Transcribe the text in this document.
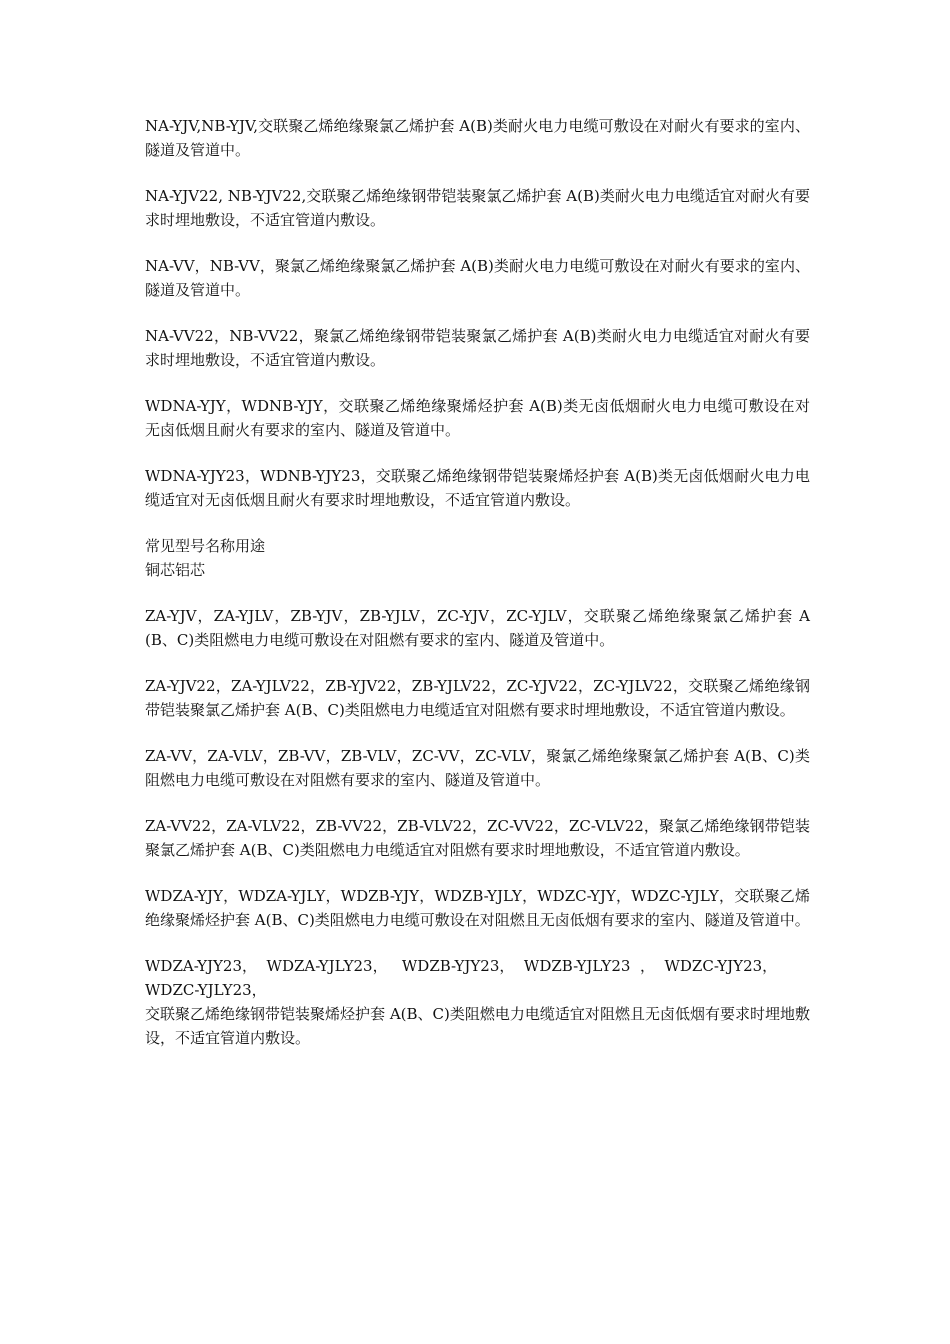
NA-YJV,NB-YJV,交联聚乙烯绝缘聚氯乙烯护套 A(B)类耐火电力电缆可敷设在对耐火有要求的室内、隧道及管道中。

NA-YJV22, NB-YJV22,交联聚乙烯绝缘钢带铠装聚氯乙烯护套 A(B)类耐火电力电缆适宜对耐火有要求时埋地敷设，不适宜管道内敷设。

NA-VV，NB-VV，聚氯乙烯绝缘聚氯乙烯护套 A(B)类耐火电力电缆可敷设在对耐火有要求的室内、隧道及管道中。

NA-VV22，NB-VV22，聚氯乙烯绝缘钢带铠装聚氯乙烯护套 A(B)类耐火电力电缆适宜对耐火有要求时埋地敷设，不适宜管道内敷设。

WDNA-YJY，WDNB-YJY，交联聚乙烯绝缘聚烯烃护套 A(B)类无卤低烟耐火电力电缆可敷设在对无卤低烟且耐火有要求的室内、隧道及管道中。

WDNA-YJY23，WDNB-YJY23，交联聚乙烯绝缘钢带铠装聚烯烃护套 A(B)类无卤低烟耐火电力电缆适宜对无卤低烟且耐火有要求时埋地敷设，不适宜管道内敷设。

常见型号名称用途
铜芯铝芯

ZA-YJV，ZA-YJLV，ZB-YJV，ZB-YJLV，ZC-YJV，ZC-YJLV，交联聚乙烯绝缘聚氯乙烯护套 A(B、C)类阻燃电力电缆可敷设在对阻燃有要求的室内、隧道及管道中。

ZA-YJV22，ZA-YJLV22，ZB-YJV22，ZB-YJLV22，ZC-YJV22，ZC-YJLV22，交联聚乙烯绝缘钢带铠装聚氯乙烯护套 A(B、C)类阻燃电力电缆适宜对阻燃有要求时埋地敷设，不适宜管道内敷设。

ZA-VV，ZA-VLV，ZB-VV，ZB-VLV，ZC-VV，ZC-VLV，聚氯乙烯绝缘聚氯乙烯护套 A(B、C)类阻燃电力电缆可敷设在对阻燃有要求的室内、隧道及管道中。

ZA-VV22，ZA-VLV22，ZB-VV22，ZB-VLV22，ZC-VV22，ZC-VLV22，聚氯乙烯绝缘钢带铠装聚氯乙烯护套 A(B、C)类阻燃电力电缆适宜对阻燃有要求时埋地敷设，不适宜管道内敷设。

WDZA-YJY，WDZA-YJLY，WDZB-YJY，WDZB-YJLY，WDZC-YJY，WDZC-YJLY，交联聚乙烯绝缘聚烯烃护套 A(B、C)类阻燃电力电缆可敷设在对阻燃且无卤低烟有要求的室内、隧道及管道中。

WDZA-YJY23，  WDZA-YJLY23，   WDZB-YJY23，  WDZB-YJLY23  ，  WDZC-YJY23，
WDZC-YJLY23，
交联聚乙烯绝缘钢带铠装聚烯烃护套 A(B、C)类阻燃电力电缆适宜对阻燃且无卤低烟有要求时埋地敷设，不适宜管道内敷设。
